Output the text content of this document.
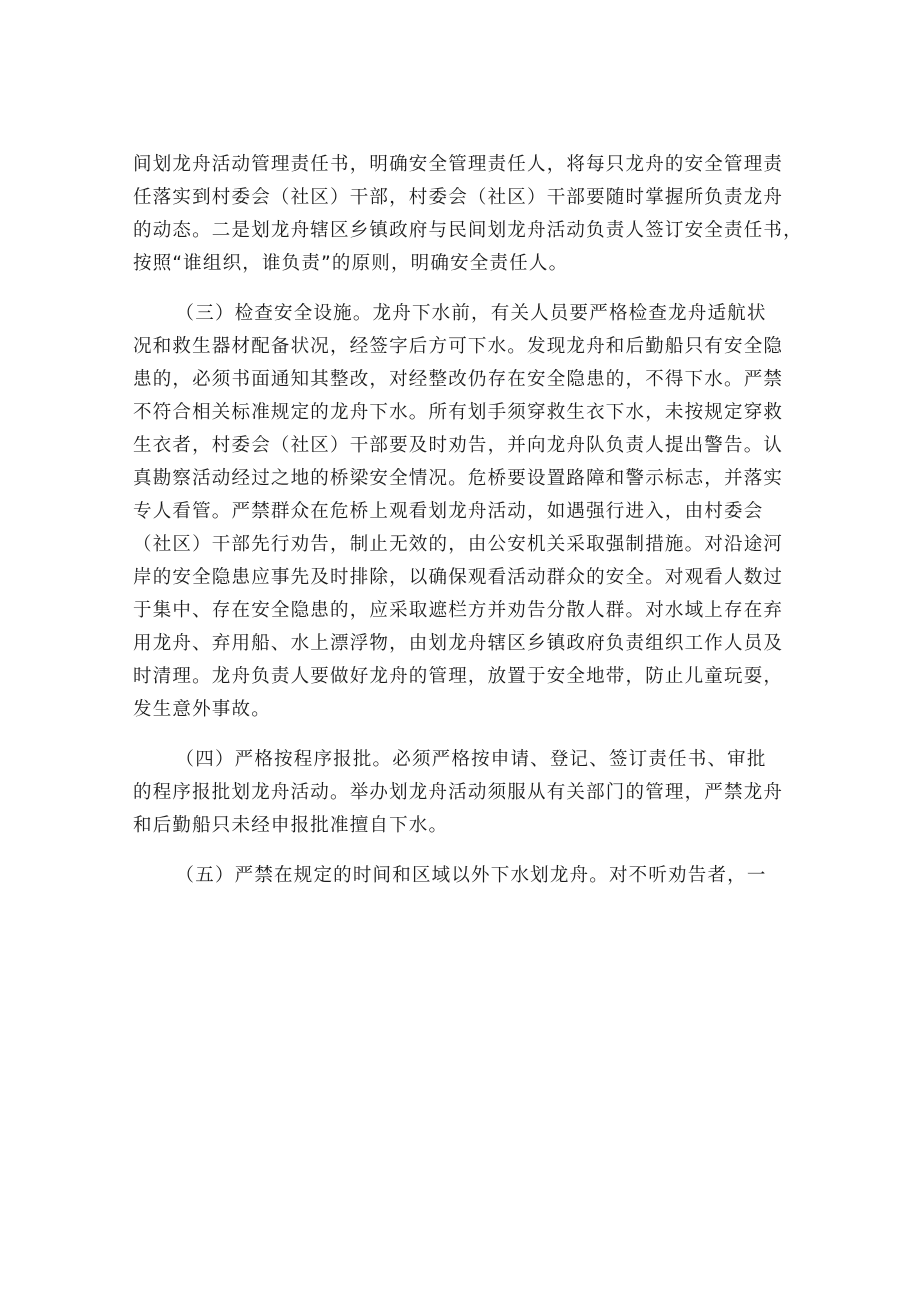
间划龙舟活动管理责任书，明确安全管理责任人，将每只龙舟的安全管理责
任落实到村委会（社区）干部，村委会（社区）干部要随时掌握所负责龙舟
的动态。二是划龙舟辖区乡镇政府与民间划龙舟活动负责人签订安全责任书，
按照“谁组织，谁负责”的原则，明确安全责任人。

（三）检查安全设施。龙舟下水前，有关人员要严格检查龙舟适航状
况和救生器材配备状况，经签字后方可下水。发现龙舟和后勤船只有安全隐
患的，必须书面通知其整改，对经整改仍存在安全隐患的，不得下水。严禁
不符合相关标准规定的龙舟下水。所有划手须穿救生衣下水，未按规定穿救
生衣者，村委会（社区）干部要及时劝告，并向龙舟队负责人提出警告。认
真勘察活动经过之地的桥梁安全情况。危桥要设置路障和警示标志，并落实
专人看管。严禁群众在危桥上观看划龙舟活动，如遇强行进入，由村委会
（社区）干部先行劝告，制止无效的，由公安机关采取强制措施。对沿途河
岸的安全隐患应事先及时排除，以确保观看活动群众的安全。对观看人数过
于集中、存在安全隐患的，应采取遮栏方并劝告分散人群。对水域上存在弃
用龙舟、弃用船、水上漂浮物，由划龙舟辖区乡镇政府负责组织工作人员及
时清理。龙舟负责人要做好龙舟的管理，放置于安全地带，防止儿童玩耍，
发生意外事故。

（四）严格按程序报批。必须严格按申请、登记、签订责任书、审批
的程序报批划龙舟活动。举办划龙舟活动须服从有关部门的管理，严禁龙舟
和后勤船只未经申报批准擅自下水。

（五）严禁在规定的时间和区域以外下水划龙舟。对不听劝告者，一
